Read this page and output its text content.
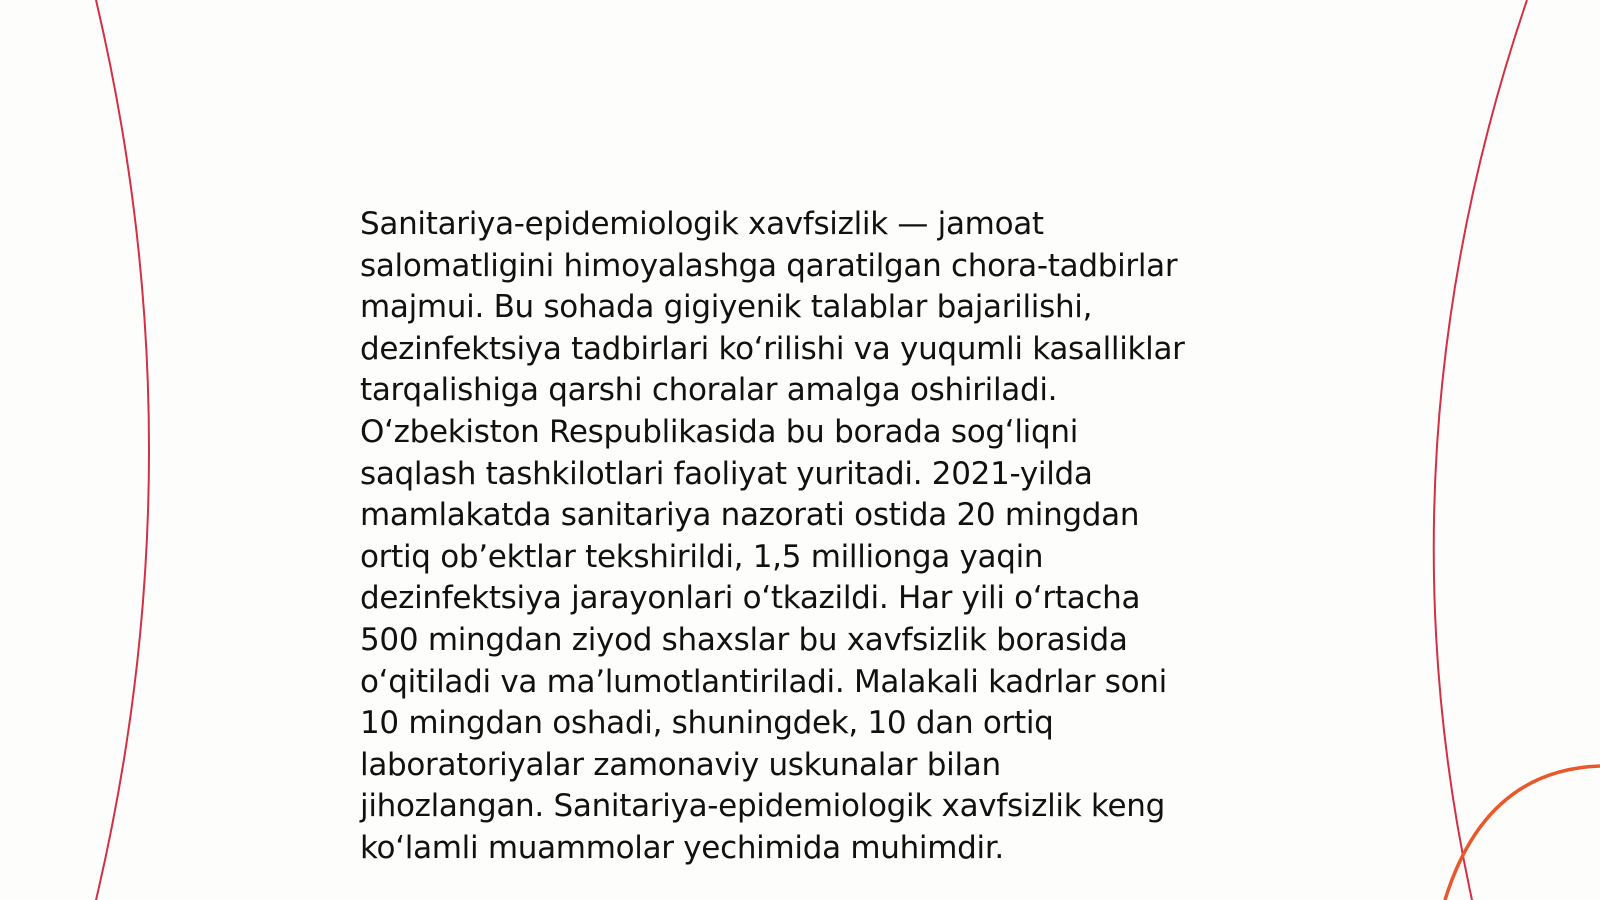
Sanitariya-epidemiologik xavfsizlik — jamoat
salomatligini himoyalashga qaratilgan chora-tadbirlar
majmui. Bu sohada gigiyenik talablar bajarilishi,
dezinfektsiya tadbirlari ko‘rilishi va yuqumli kasalliklar
tarqalishiga qarshi choralar amalga oshiriladi.
O‘zbekiston Respublikasida bu borada sog‘liqni
saqlash tashkilotlari faoliyat yuritadi. 2021-yilda
mamlakatda sanitariya nazorati ostida 20 mingdan
ortiq ob’ektlar tekshirildi, 1,5 millionga yaqin
dezinfektsiya jarayonlari o‘tkazildi. Har yili o‘rtacha
500 mingdan ziyod shaxslar bu xavfsizlik borasida
o‘qitiladi va ma’lumotlantiriladi. Malakali kadrlar soni
10 mingdan oshadi, shuningdek, 10 dan ortiq
laboratoriyalar zamonaviy uskunalar bilan
jihozlangan. Sanitariya-epidemiologik xavfsizlik keng
ko‘lamli muammolar yechimida muhimdir.
